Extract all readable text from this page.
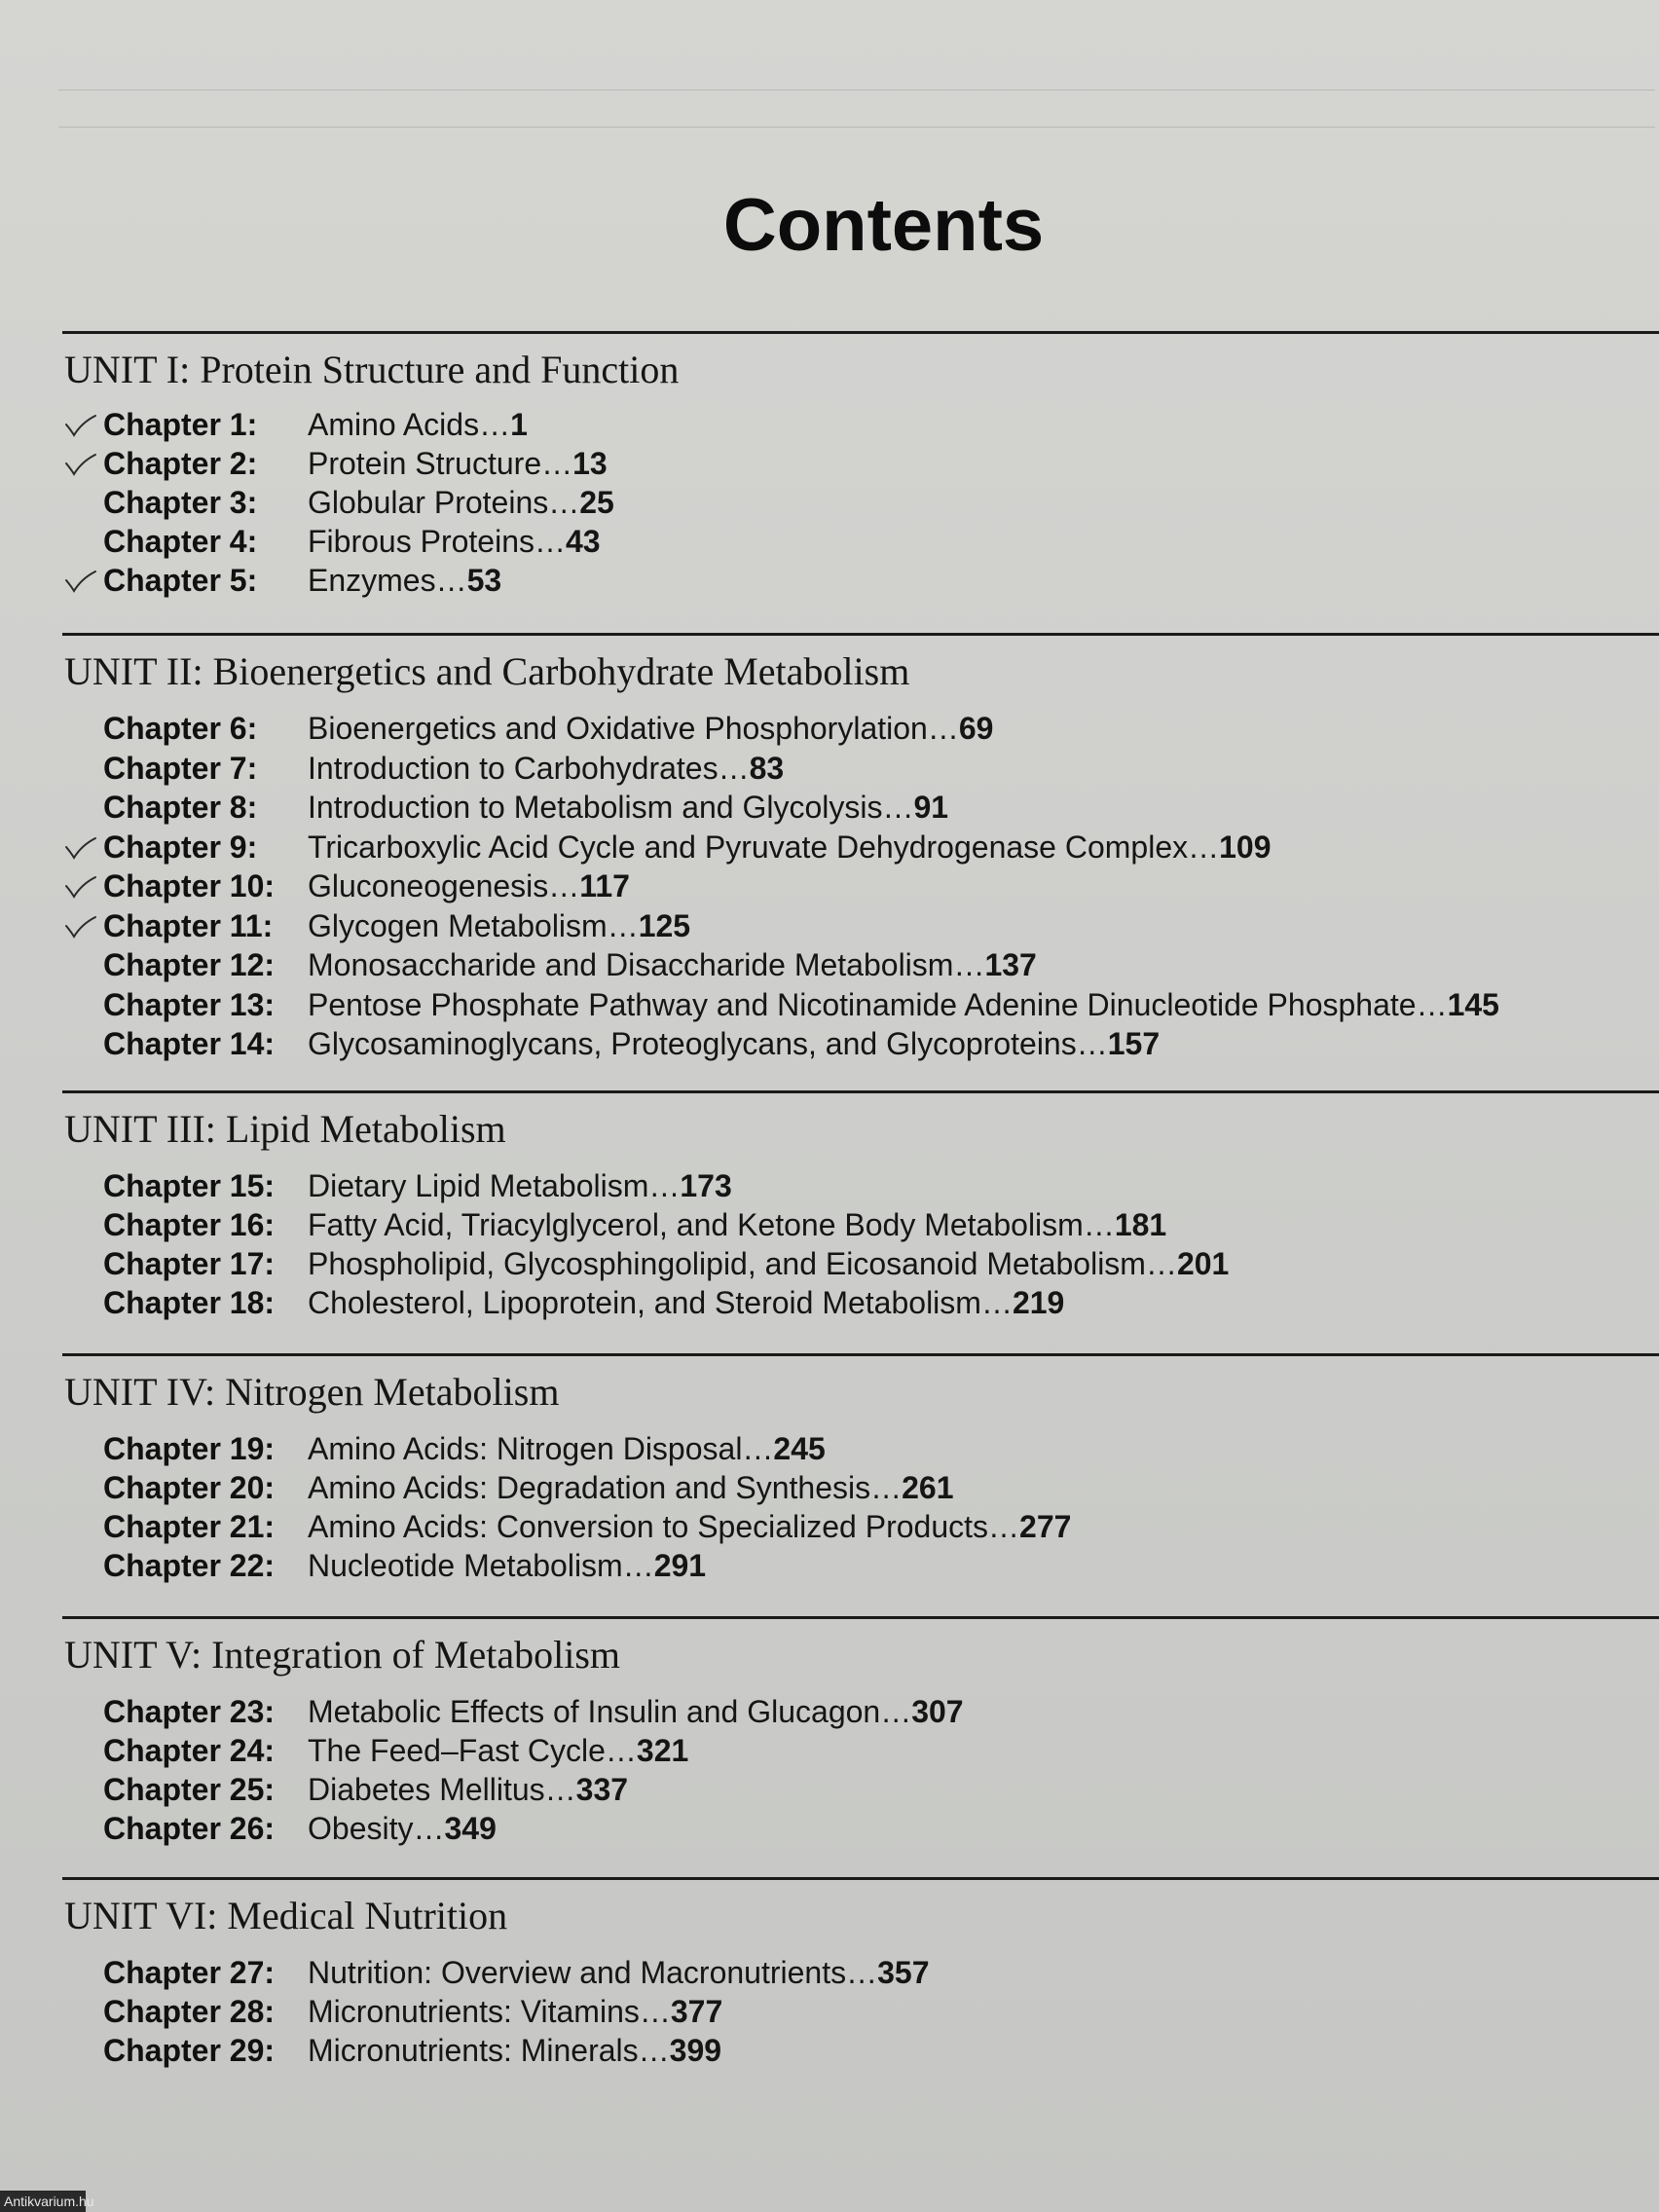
Contents
UNIT I: Protein Structure and Function
Chapter 1: Amino Acids…1
Chapter 2: Protein Structure…13
Chapter 3: Globular Proteins…25
Chapter 4: Fibrous Proteins…43
Chapter 5: Enzymes…53
UNIT II: Bioenergetics and Carbohydrate Metabolism
Chapter 6: Bioenergetics and Oxidative Phosphorylation…69
Chapter 7: Introduction to Carbohydrates…83
Chapter 8: Introduction to Metabolism and Glycolysis…91
Chapter 9: Tricarboxylic Acid Cycle and Pyruvate Dehydrogenase Complex…109
Chapter 10: Gluconeogenesis…117
Chapter 11: Glycogen Metabolism…125
Chapter 12: Monosaccharide and Disaccharide Metabolism…137
Chapter 13: Pentose Phosphate Pathway and Nicotinamide Adenine Dinucleotide Phosphate…145
Chapter 14: Glycosaminoglycans, Proteoglycans, and Glycoproteins…157
UNIT III: Lipid Metabolism
Chapter 15: Dietary Lipid Metabolism…173
Chapter 16: Fatty Acid, Triacylglycerol, and Ketone Body Metabolism…181
Chapter 17: Phospholipid, Glycosphingolipid, and Eicosanoid Metabolism…201
Chapter 18: Cholesterol, Lipoprotein, and Steroid Metabolism…219
UNIT IV: Nitrogen Metabolism
Chapter 19: Amino Acids: Nitrogen Disposal…245
Chapter 20: Amino Acids: Degradation and Synthesis…261
Chapter 21: Amino Acids: Conversion to Specialized Products…277
Chapter 22: Nucleotide Metabolism…291
UNIT V: Integration of Metabolism
Chapter 23: Metabolic Effects of Insulin and Glucagon…307
Chapter 24: The Feed–Fast Cycle…321
Chapter 25: Diabetes Mellitus…337
Chapter 26: Obesity…349
UNIT VI: Medical Nutrition
Chapter 27: Nutrition: Overview and Macronutrients…357
Chapter 28: Micronutrients: Vitamins…377
Chapter 29: Micronutrients: Minerals…399
Antikvarium.hu
